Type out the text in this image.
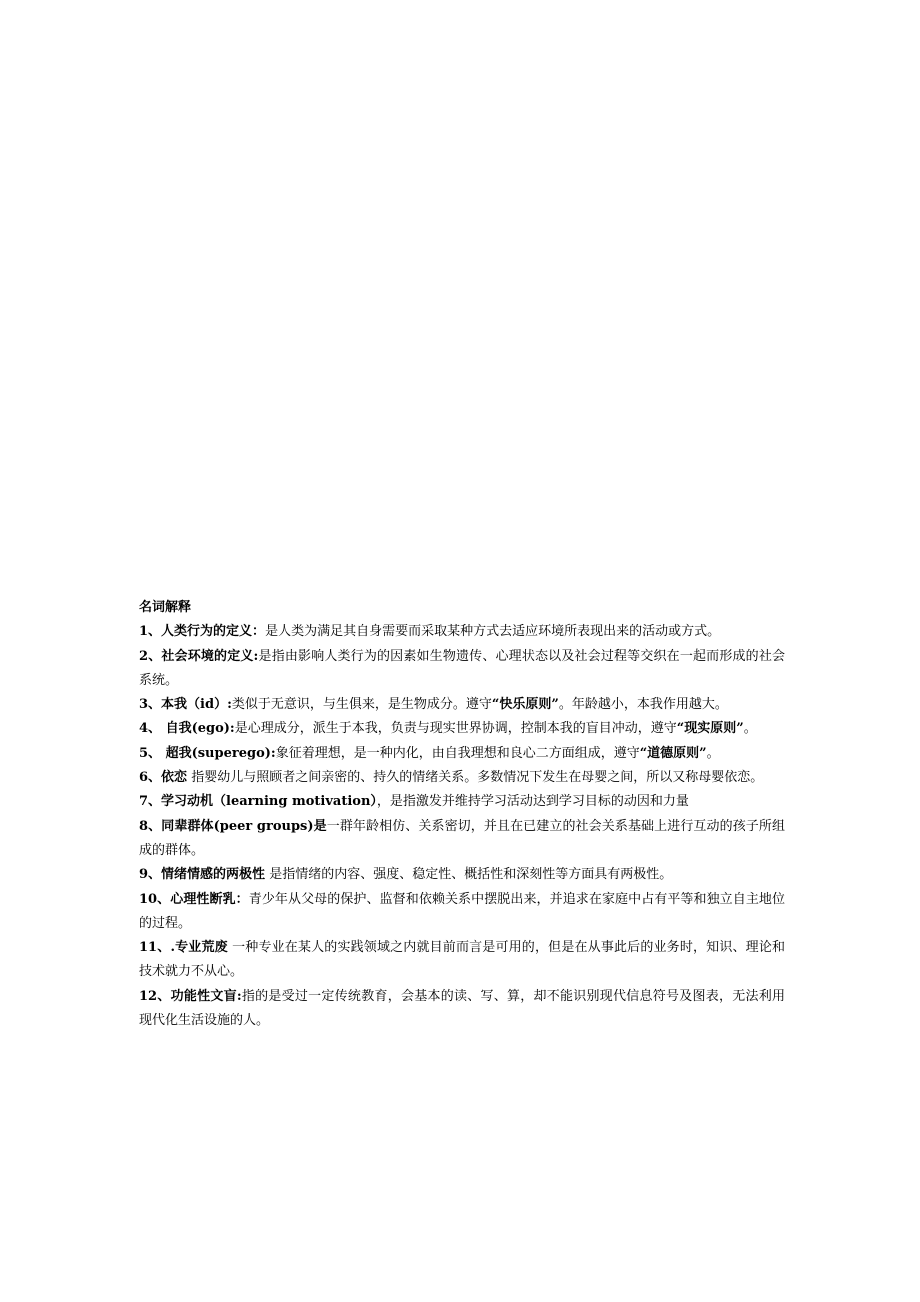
名词解释

1、人类行为的定义：是人类为满足其自身需要而采取某种方式去适应环境所表现出来的活动或方式。

2、社会环境的定义:是指由影响人类行为的因素如生物遗传、心理状态以及社会过程等交织在一起而形成的社会系统。

3、本我（id）:类似于无意识，与生俱来，是生物成分。遵守“快乐原则”。年龄越小，本我作用越大。

4、 自我(ego):是心理成分，派生于本我，负责与现实世界协调，控制本我的盲目冲动，遵守“现实原则”。

5、 超我(superego):象征着理想，是一种内化，由自我理想和良心二方面组成，遵守“道德原则”。

6、依恋 指婴幼儿与照顾者之间亲密的、持久的情绪关系。多数情况下发生在母婴之间，所以又称母婴依恋。

7、学习动机（learning motivation），是指激发并维持学习活动达到学习目标的动因和力量

8、同辈群体(peer groups)是一群年龄相仿、关系密切，并且在已建立的社会关系基础上进行互动的孩子所组成的群体。

9、情绪情感的两极性 是指情绪的内容、强度、稳定性、概括性和深刻性等方面具有两极性。

10、心理性断乳：青少年从父母的保护、监督和依赖关系中摆脱出来，并追求在家庭中占有平等和独立自主地位的过程。

11、.专业荒废 一种专业在某人的实践领域之内就目前而言是可用的，但是在从事此后的业务时，知识、理论和技术就力不从心。

12、功能性文盲:指的是受过一定传统教育，会基本的读、写、算，却不能识别现代信息符号及图表，无法利用现代化生活设施的人。
